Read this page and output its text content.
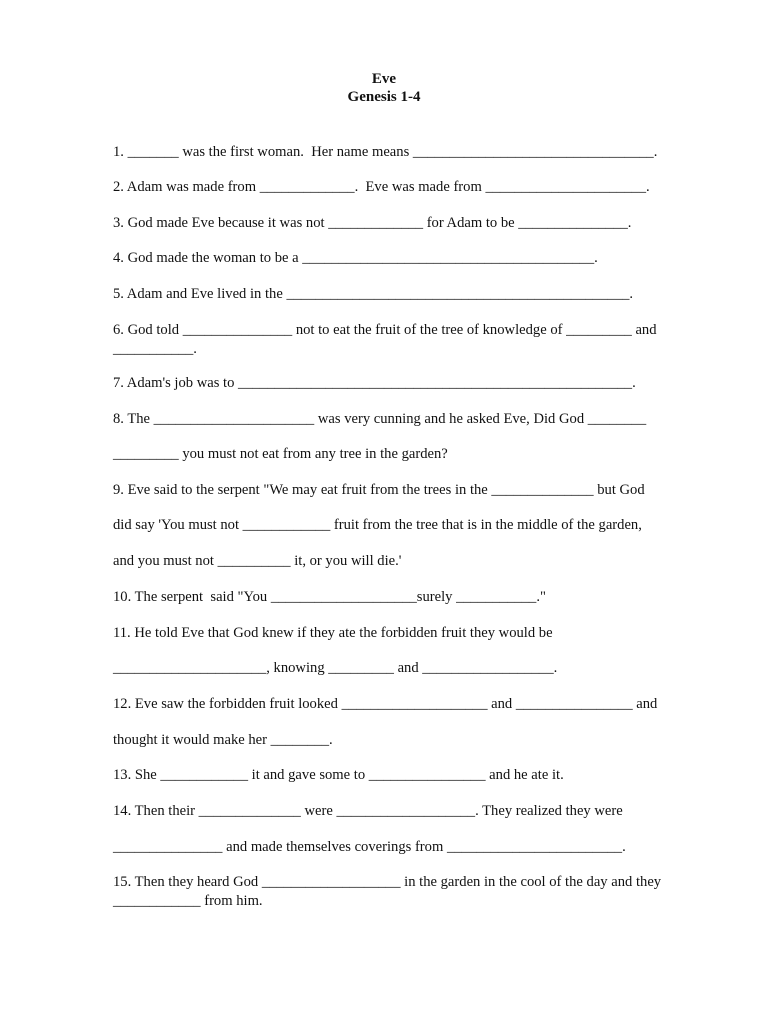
Eve
Genesis 1-4
1. _______ was the first woman.  Her name means _________________________________.
2. Adam was made from _____________.  Eve was made from ______________________.
3. God made Eve because it was not _____________ for Adam to be _______________.
4. God made the woman to be a ________________________________________.
5. Adam and Eve lived in the _______________________________________________.
6. God told _______________ not to eat the fruit of the tree of knowledge of _________ and
___________.
7. Adam's job was to ______________________________________________________.
8. The ______________________ was very cunning and he asked Eve, Did God ________
_________ you must not eat from any tree in the garden?
9. Eve said to the serpent "We may eat fruit from the trees in the ______________ but God
did say 'You must not ____________ fruit from the tree that is in the middle of the garden,
and you must not __________ it, or you will die.'
10. The serpent  said "You ____________________surely ___________."
11. He told Eve that God knew if they ate the forbidden fruit they would be
_____________________, knowing _________ and __________________.
12. Eve saw the forbidden fruit looked ____________________ and ________________ and
thought it would make her ________.
13. She ____________ it and gave some to ________________ and he ate it.
14. Then their ______________ were ___________________. They realized they were
_______________ and made themselves coverings from ________________________.
15. Then they heard God ___________________ in the garden in the cool of the day and they
____________ from him.
